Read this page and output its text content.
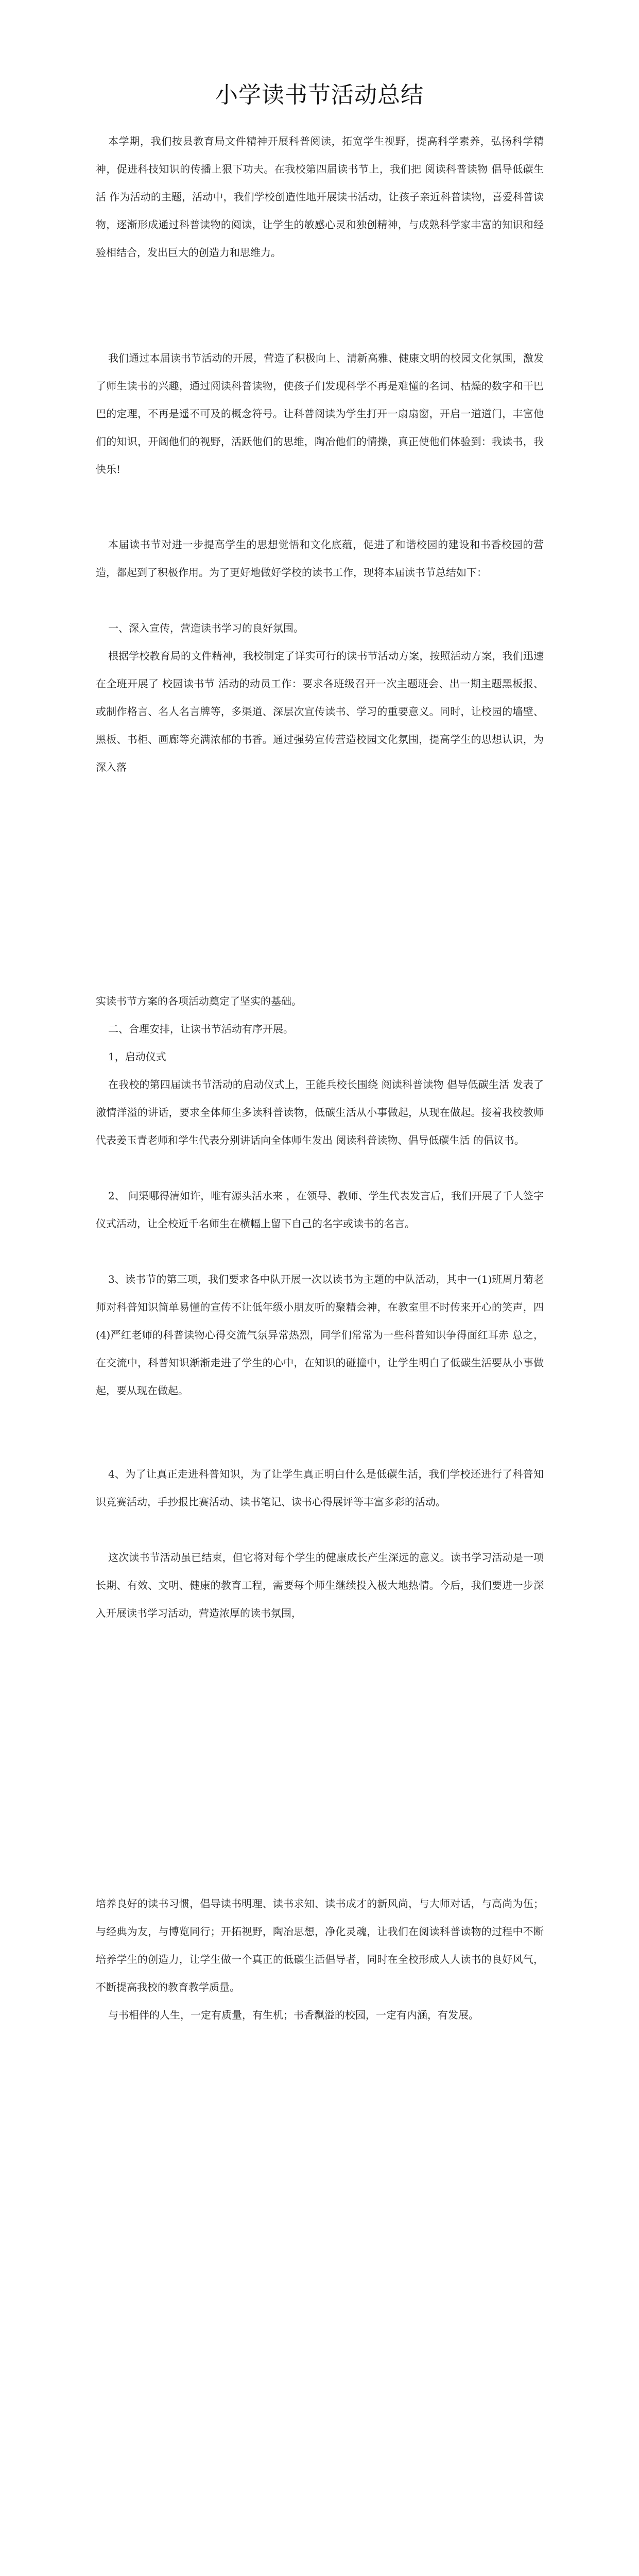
小学读书节活动总结

本学期，我们按县教育局文件精神开展科普阅读，拓宽学生视野，提高科学素养，弘扬科学精神，促进科技知识的传播上狠下功夫。在我校第四届读书节上，我们把 阅读科普读物 倡导低碳生活 作为活动的主题，活动中，我们学校创造性地开展读书活动，让孩子亲近科普读物，喜爱科普读物，逐渐形成通过科普读物的阅读，让学生的敏感心灵和独创精神，与成熟科学家丰富的知识和经验相结合，发出巨大的创造力和思维力。

我们通过本届读书节活动的开展，营造了积极向上、清新高雅、健康文明的校园文化氛围，激发了师生读书的兴趣，通过阅读科普读物，使孩子们发现科学不再是难懂的名词、枯燥的数字和干巴巴的定理，不再是遥不可及的概念符号。让科普阅读为学生打开一扇扇窗，开启一道道门，丰富他们的知识，开阔他们的视野，活跃他们的思维，陶冶他们的情操，真正使他们体验到：我读书，我快乐!

本届读书节对进一步提高学生的思想觉悟和文化底蕴，促进了和谐校园的建设和书香校园的营造，都起到了积极作用。为了更好地做好学校的读书工作，现将本届读书节总结如下：

一、深入宣传，营造读书学习的良好氛围。

根据学校教育局的文件精神，我校制定了详实可行的读书节活动方案，按照活动方案，我们迅速在全班开展了 校园读书节 活动的动员工作：要求各班级召开一次主题班会、出一期主题黑板报、或制作格言、名人名言牌等，多渠道、深层次宣传读书、学习的重要意义。同时，让校园的墙壁、黑板、书柜、画廊等充满浓郁的书香。通过强势宣传营造校园文化氛围，提高学生的思想认识，为深入落

实读书节方案的各项活动奠定了坚实的基础。

二、合理安排，让读书节活动有序开展。

1，启动仪式

在我校的第四届读书节活动的启动仪式上，王能兵校长围绕 阅读科普读物 倡导低碳生活 发表了激情洋溢的讲话，要求全体师生多读科普读物，低碳生活从小事做起，从现在做起。接着我校教师代表姜玉青老师和学生代表分别讲话向全体师生发出 阅读科普读物、倡导低碳生活 的倡议书。

2、 问渠哪得清如许，唯有源头活水来 ，在领导、教师、学生代表发言后，我们开展了千人签字仪式活动，让全校近千名师生在横幅上留下自己的名字或读书的名言。

3、读书节的第三项，我们要求各中队开展一次以读书为主题的中队活动，其中一(1)班周月菊老师对科普知识简单易懂的宣传不让低年级小朋友听的聚精会神，在教室里不时传来开心的笑声，四(4)严红老师的科普读物心得交流气氛异常热烈，同学们常常为一些科普知识争得面红耳赤 总之，在交流中，科普知识渐渐走进了学生的心中，在知识的碰撞中，让学生明白了低碳生活要从小事做起，要从现在做起。

4、为了让真正走进科普知识，为了让学生真正明白什么是低碳生活，我们学校还进行了科普知识竞赛活动，手抄报比赛活动、读书笔记、读书心得展评等丰富多彩的活动。

这次读书节活动虽已结束，但它将对每个学生的健康成长产生深远的意义。读书学习活动是一项长期、有效、文明、健康的教育工程，需要每个师生继续投入极大地热情。今后，我们要进一步深入开展读书学习活动，营造浓厚的读书氛围，

培养良好的读书习惯，倡导读书明理、读书求知、读书成才的新风尚，与大师对话，与高尚为伍；与经典为友，与博览同行；开拓视野，陶冶思想，净化灵魂，让我们在阅读科普读物的过程中不断培养学生的创造力，让学生做一个真正的低碳生活倡导者，同时在全校形成人人读书的良好风气，不断提高我校的教育教学质量。

与书相伴的人生，一定有质量，有生机；书香飘溢的校园，一定有内涵，有发展。
